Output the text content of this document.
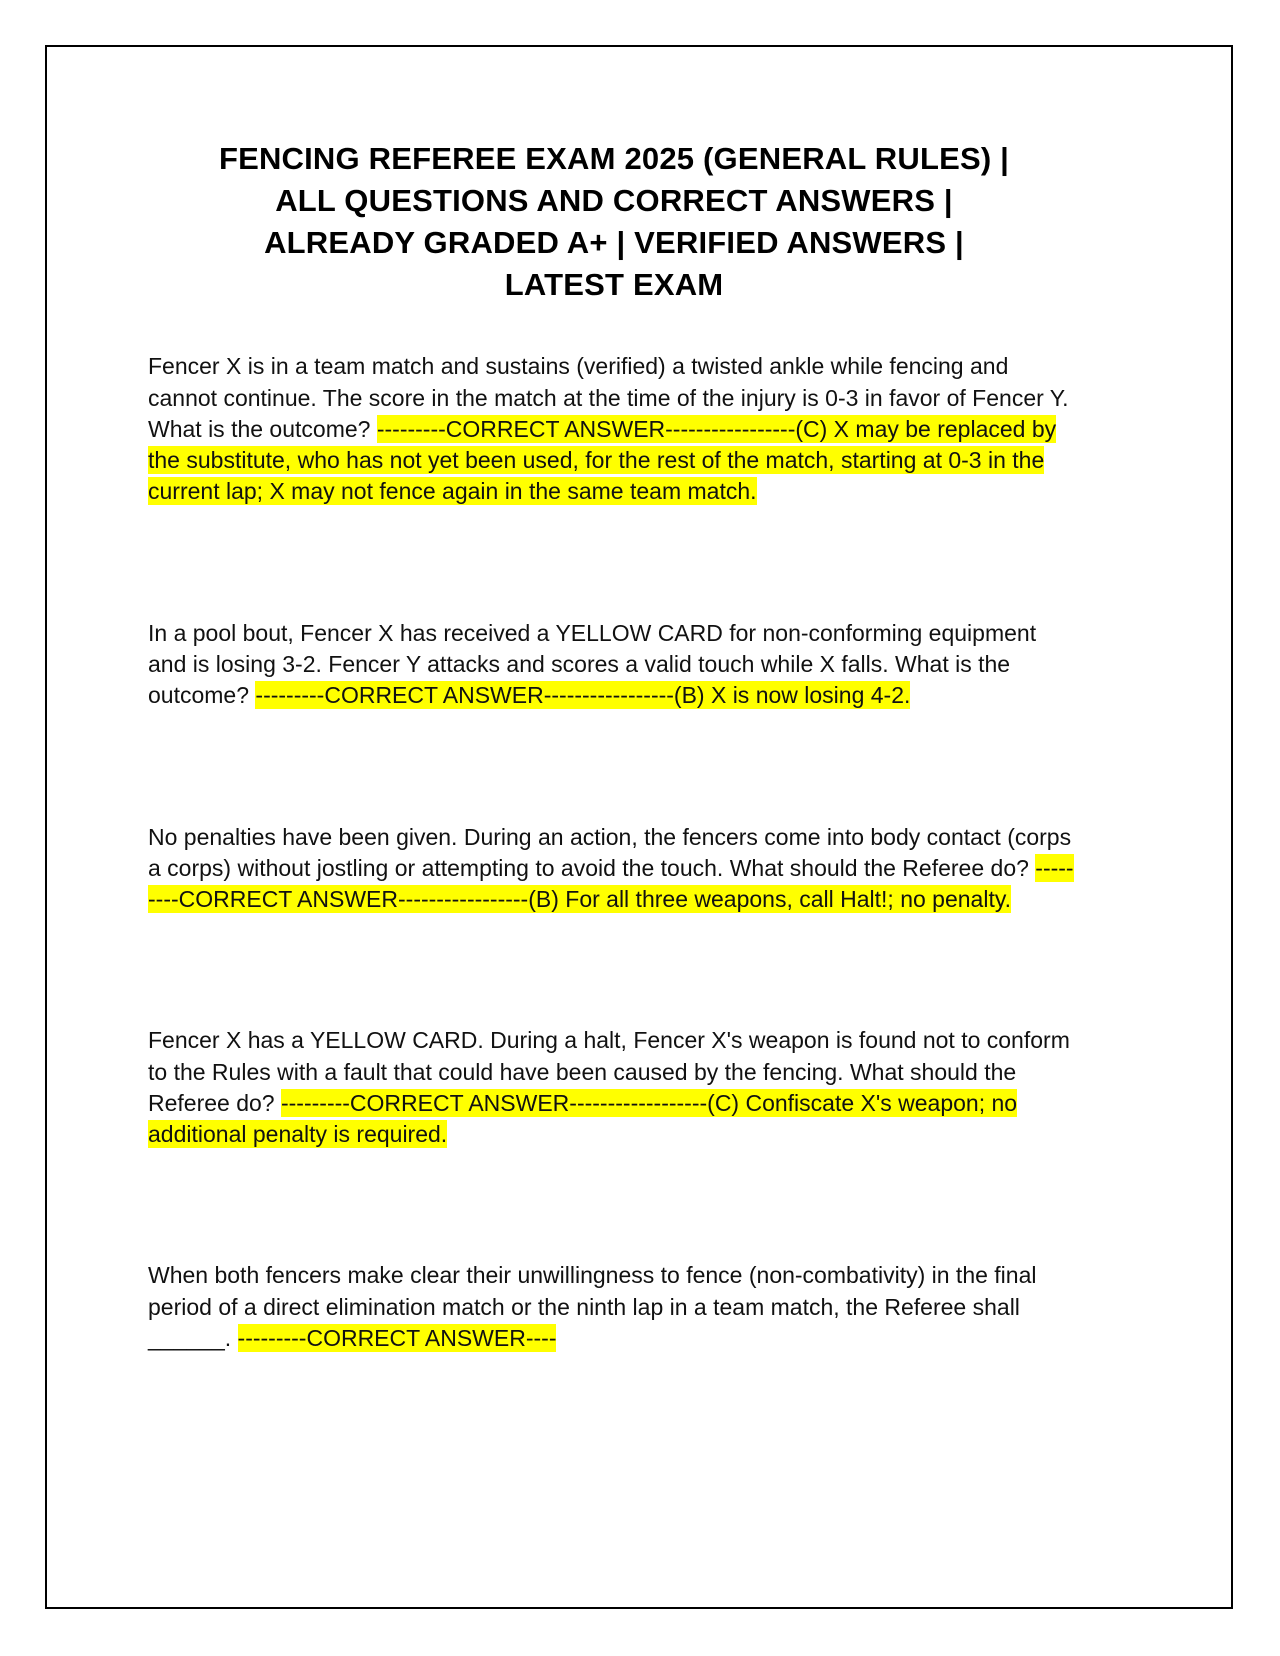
FENCING REFEREE EXAM 2025 (GENERAL RULES) |
ALL QUESTIONS AND CORRECT ANSWERS |
ALREADY GRADED A+ | VERIFIED ANSWERS |
LATEST EXAM

Fencer X is in a team match and sustains (verified) a twisted ankle while fencing and cannot continue. The score in the match at the time of the injury is 0-3 in favor of Fencer Y. What is the outcome? ---------CORRECT ANSWER-----------------(C) X may be replaced by the substitute, who has not yet been used, for the rest of the match, starting at 0-3 in the current lap; X may not fence again in the same team match.

In a pool bout, Fencer X has received a YELLOW CARD for non-conforming equipment and is losing 3-2. Fencer Y attacks and scores a valid touch while X falls. What is the outcome? ---------CORRECT ANSWER-----------------(B) X is now losing 4-2.

No penalties have been given. During an action, the fencers come into body contact (corps a corps) without jostling or attempting to avoid the touch. What should the Referee do? ---------CORRECT ANSWER-----------------(B) For all three weapons, call Halt!; no penalty.

Fencer X has a YELLOW CARD. During a halt, Fencer X's weapon is found not to conform to the Rules with a fault that could have been caused by the fencing. What should the Referee do? ---------CORRECT ANSWER------------------(C) Confiscate X's weapon; no additional penalty is required.

When both fencers make clear their unwillingness to fence (non-combativity) in the final period of a direct elimination match or the ninth lap in a team match, the Referee shall ______. ---------CORRECT ANSWER----
